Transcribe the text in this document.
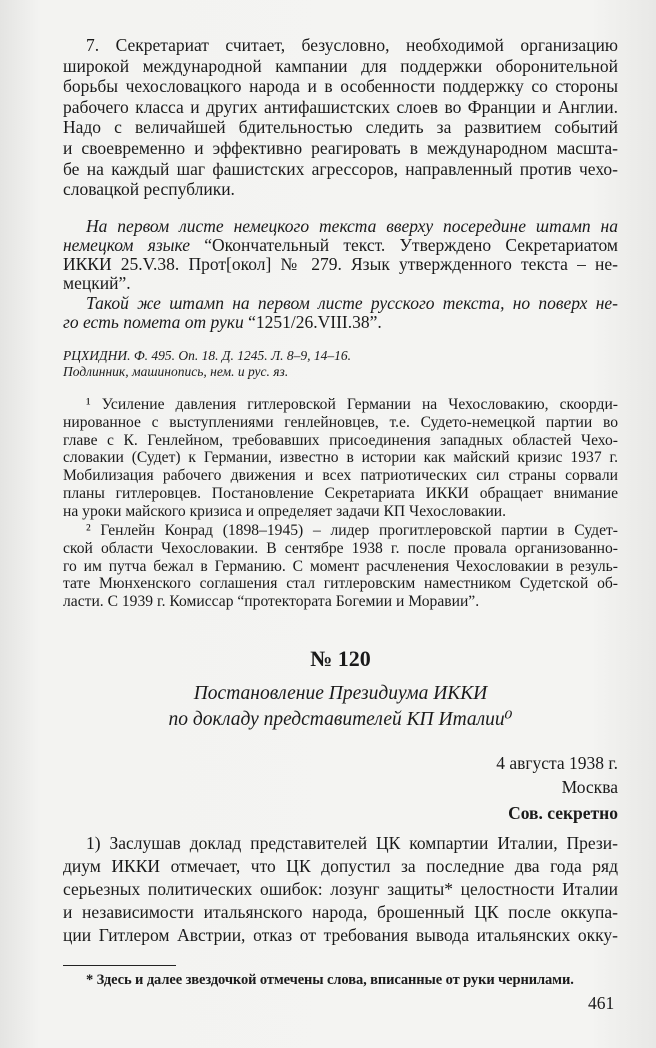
7. Секретариат считает, безусловно, необходимой организацию
широкой международной кампании для поддержки оборонительной
борьбы чехословацкого народа и в особенности поддержку со стороны
рабочего класса и других антифашистских слоев во Франции и Англии.
Надо с величайшей бдительностью следить за развитием событий
и своевременно и эффективно реагировать в международном масшта-
бе на каждый шаг фашистских агрессоров, направленный против чехо-
словацкой республики.
На первом листе немецкого текста вверху посередине штамп на
немецком языке “Окончательный текст. Утверждено Секретариатом
ИККИ 25.V.38. Прот[окол] № 279. Язык утвержденного текста – не-
мецкий”.
Такой же штамп на первом листе русского текста, но поверх не-
го есть помета от руки “1251/26.VIII.38”.
РЦХИДНИ. Ф. 495. Оп. 18. Д. 1245. Л. 8–9, 14–16.
Подлинник, машинопись, нем. и рус. яз.
¹ Усиление давления гитлеровской Германии на Чехословакию, скоорди-
нированное с выступлениями генлейновцев, т.е. Судето-немецкой партии во
главе с К. Генлейном, требовавших присоединения западных областей Чехо-
словакии (Судет) к Германии, известно в истории как майский кризис 1937 г.
Мобилизация рабочего движения и всех патриотических сил страны сорвали
планы гитлеровцев. Постановление Секретариата ИККИ обращает внимание
на уроки майского кризиса и определяет задачи КП Чехословакии.
² Генлейн Конрад (1898–1945) – лидер прогитлеровской партии в Судет-
ской области Чехословакии. В сентябре 1938 г. после провала организованно-
го им путча бежал в Германию. С момент расчленения Чехословакии в резуль-
тате Мюнхенского соглашения стал гитлеровским наместником Судетской об-
ласти. С 1939 г. Комиссар “протектората Богемии и Моравии”.
№ 120
Постановление Президиума ИККИ
по докладу представителей КП Италии⁰
4 августа 1938 г.
Москва
Сов. секретно
1) Заслушав доклад представителей ЦК компартии Италии, Прези-
диум ИККИ отмечает, что ЦК допустил за последние два года ряд
серьезных политических ошибок: лозунг защиты* целостности Италии
и независимости итальянского народа, брошенный ЦК после оккупа-
ции Гитлером Австрии, отказ от требования вывода итальянских окку-
* Здесь и далее звездочкой отмечены слова, вписанные от руки чернилами.
461
